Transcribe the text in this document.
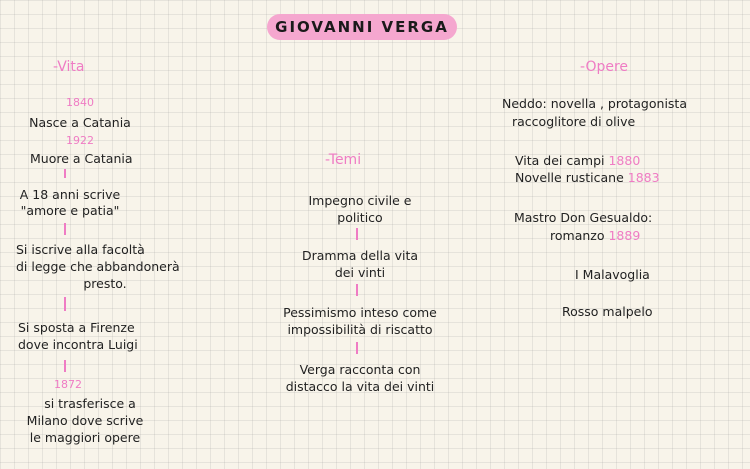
GIOVANNI VERGA
-Vita
1840
Nasce a Catania
1922
Muore a Catania
A 18 anni scrive
"amore e patia"
Si iscrive alla facoltà
di legge che abbandonerà
presto.
Si sposta a Firenze
dove incontra Luigi
1872
si trasferisce a
Milano dove scrive
le maggiori opere
-Temi
Impegno civile e
politico
Dramma della vita
dei vinti
Pessimismo inteso come
impossibilità di riscatto
Verga racconta con
distacco la vita dei vinti
-Opere
Neddo: novella , protagonista
raccoglitore di olive
Vita dei campi 1880
Novelle rusticane 1883
Mastro Don Gesualdo:
romanzo 1889
I Malavoglia
Rosso malpelo
